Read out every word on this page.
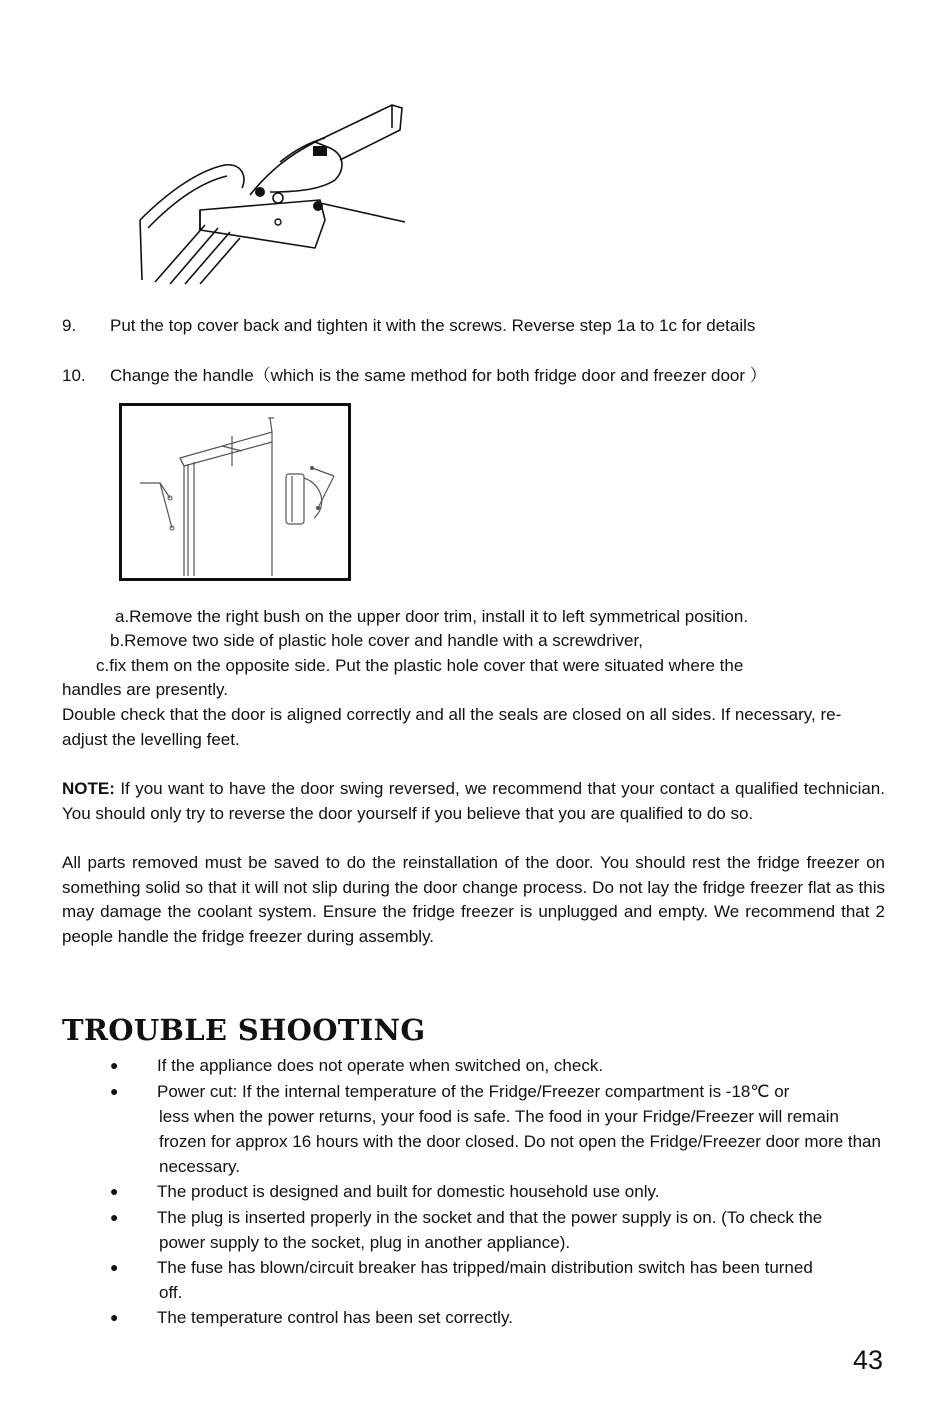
9. Put the top cover back and tighten it with the screws. Reverse step 1a to 1c for details
10. Change the handle（which is the same method for both fridge door and freezer door ）
a.Remove the right bush on the upper door trim, install it to left symmetrical position.
b.Remove two side of plastic hole cover and handle with a screwdriver,
c.fix them on the opposite side. Put the plastic hole cover that were situated where the
handles are presently.
Double check that the door is aligned correctly and all the seals are closed on all sides. If necessary, re-adjust the levelling feet.
NOTE: If you want to have the door swing reversed, we recommend that your contact a qualified technician. You should only try to reverse the door yourself if you believe that you are qualified to do so.
All parts removed must be saved to do the reinstallation of the door. You should rest the fridge freezer on something solid so that it will not slip during the door change process. Do not lay the fridge freezer flat as this may damage the coolant system. Ensure the fridge freezer is unplugged and empty. We recommend that 2 people handle the fridge freezer during assembly.
TROUBLE SHOOTING
● If the appliance does not operate when switched on, check.
● Power cut: If the internal temperature of the Fridge/Freezer compartment is -18℃ or
less when the power returns, your food is safe. The food in your Fridge/Freezer will remain frozen for approx 16 hours with the door closed. Do not open the Fridge/Freezer door more than necessary.
● The product is designed and built for domestic household use only.
● The plug is inserted properly in the socket and that the power supply is on. (To check the
power supply to the socket, plug in another appliance).
● The fuse has blown/circuit breaker has tripped/main distribution switch has been turned
off.
● The temperature control has been set correctly.
43
